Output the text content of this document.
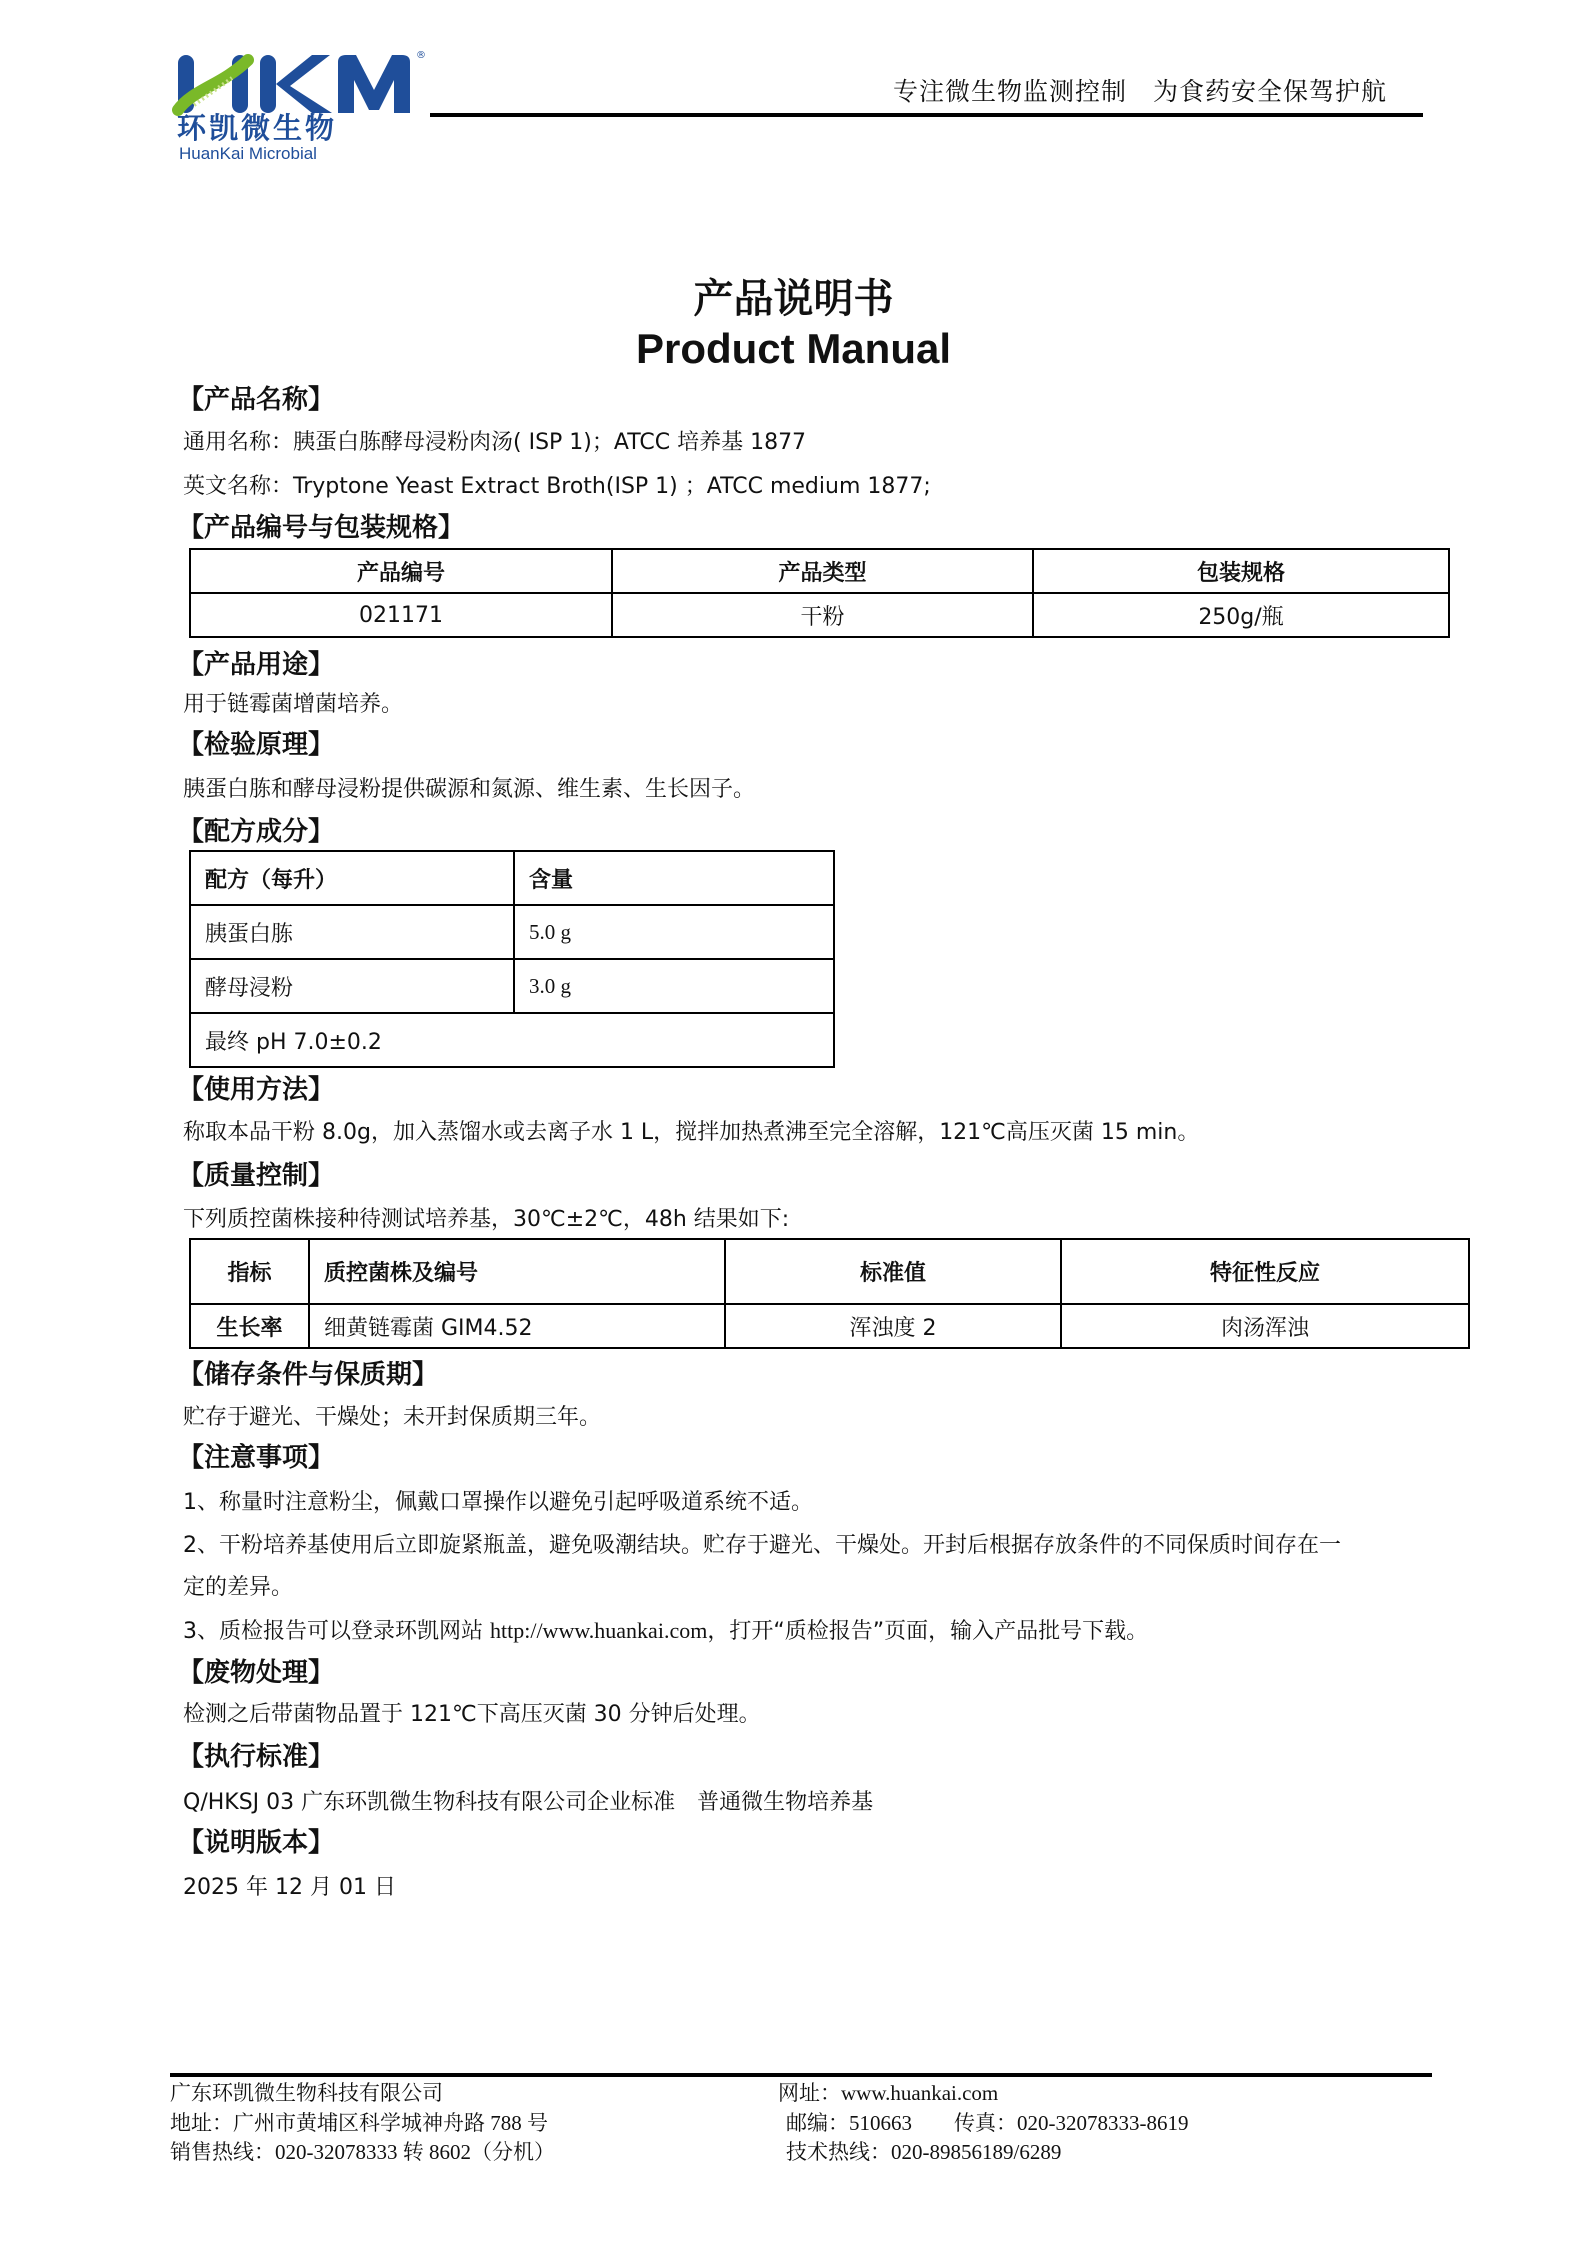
®
环凯微生物
HuanKai Microbial
专注微生物监测控制　为食药安全保驾护航
产品说明书
Product Manual
【产品名称】
通用名称：胰蛋白胨酵母浸粉肉汤( ISP 1)；ATCC 培养基 1877
英文名称：Tryptone Yeast Extract Broth(ISP 1) ；ATCC medium 1877;
【产品编号与包装规格】
产品编号	产品类型	包装规格
021171	干粉	250g/瓶
【产品用途】
用于链霉菌增菌培养。
【检验原理】
胰蛋白胨和酵母浸粉提供碳源和氮源、维生素、生长因子。
【配方成分】
配方（每升）	含量
胰蛋白胨	5.0 g
酵母浸粉	3.0 g
最终 pH 7.0±0.2	
【使用方法】
称取本品干粉 8.0g，加入蒸馏水或去离子水 1 L，搅拌加热煮沸至完全溶解，121℃高压灭菌 15 min。
【质量控制】
下列质控菌株接种待测试培养基，30℃±2℃，48h 结果如下:
指标	质控菌株及编号	标准值	特征性反应
生长率	细黄链霉菌 GIM4.52	浑浊度 2	肉汤浑浊
【储存条件与保质期】
贮存于避光、干燥处；未开封保质期三年。
【注意事项】
1、称量时注意粉尘，佩戴口罩操作以避免引起呼吸道系统不适。
2、干粉培养基使用后立即旋紧瓶盖，避免吸潮结块。贮存于避光、干燥处。开封后根据存放条件的不同保质时间存在一
定的差异。
3、质检报告可以登录环凯网站 http://www.huankai.com，打开“质检报告”页面，输入产品批号下载。
【废物处理】
检测之后带菌物品置于 121℃下高压灭菌 30 分钟后处理。
【执行标准】
Q/HKSJ 03 广东环凯微生物科技有限公司企业标准　普通微生物培养基
【说明版本】
2025 年 12 月 01 日
广东环凯微生物科技有限公司
地址：广州市黄埔区科学城神舟路 788 号
销售热线：020-32078333 转 8602（分机）
网址：www.huankai.com
邮编：510663　　传真：020-32078333-8619
技术热线：020-89856189/6289
